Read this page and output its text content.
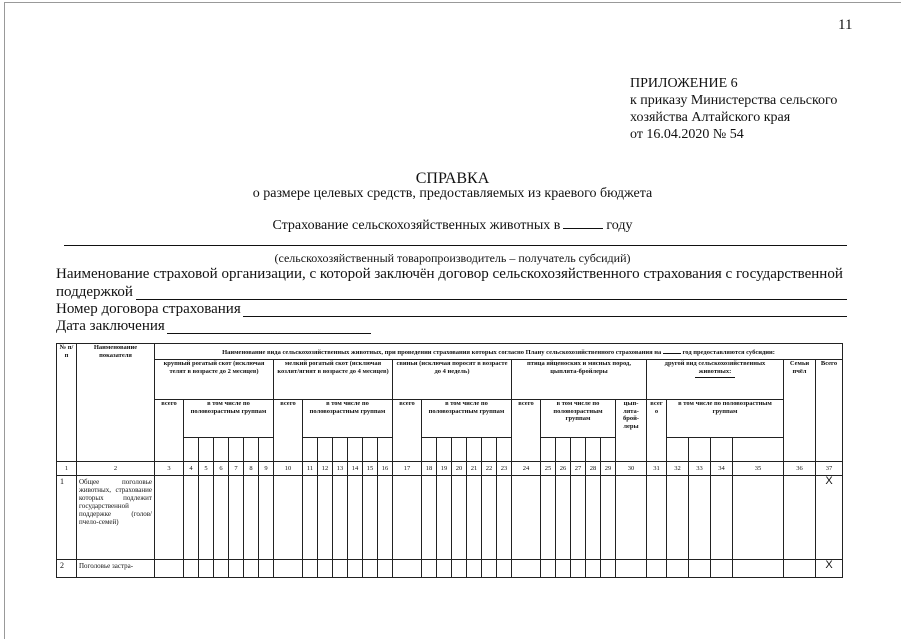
11
ПРИЛОЖЕНИЕ 6
к приказу Министерства сельского
хозяйства Алтайского края
от 16.04.2020 № 54
СПРАВКА
о размере целевых средств, предоставляемых из краевого бюджета
Страхование сельскохозяйственных животных в	году
(сельскохозяйственный товаропроизводитель – получатель субсидий)
Наименование страховой организации, с которой заключён договор сельскохозяйственного страхования с государственной
поддержкой
Номер договора страхования
Дата заключения
№ п/п	Наименование показателя	Наименование вида сельскохозяйственных животных, при проведении страхования которых согласно Плану сельскохозяйственного страхования на год предоставляются субсидии:																																		
		крупный рогатый скот (исключая телят в возрасте до 2 месяцев)							мелкий рогатый скот (исключая козлят/ягнят в возрасте до 4 месяцев)							свиньи (исключая поросят в возрасте до 4 недель)							птица яйценоских и мясных пород, цыплята-бройлеры							другой вид сельскохозяйственных животных:					Семьи пчёл	Всего
		всего	в том числе по половозрастным группам						всего	в том числе по половозрастным группам						всего	в том числе по половозрастным группам						всего	в том числе по половозрастным группам					цып-лята-брой-леры	всег о	в том числе по половозрастным группам					

1	2	3	4	5	6	7	8	9	10	11	12	13	14	15	16	17	18	19	20	21	22	23	24	25	26	27	28	29	30	31	32	33	34	35	36	37
1	Общее поголовье животных, страхование которых подлежит государственной поддержке (голов/пчело-семей)																																			X
2	Поголовье застра-																																			X
